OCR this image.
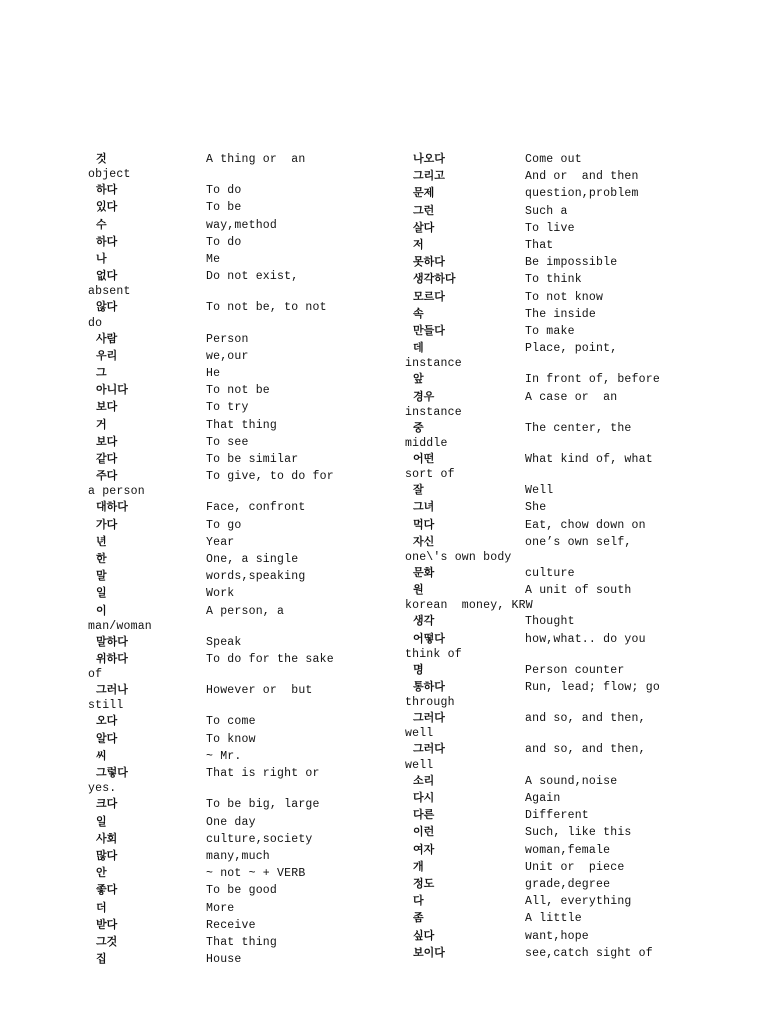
것	A thing or  an
object
하다	To do
있다	To be
수	way,method
하다	To do
나	Me
없다	Do not exist,
absent
않다	To not be, to not
do
사람	Person
우리	we,our
그	He
아니다	To not be
보다	To try
거	That thing
보다	To see
같다	To be similar
주다	To give, to do for
a person
대하다	Face, confront
가다	To go
년	Year
한	One, a single
말	words,speaking
일	Work
이	A person, a
man/woman
말하다	Speak
위하다	To do for the sake
of
그러나	However or  but
still
오다	To come
알다	To know
씨	~ Mr.
그렇다	That is right or
yes.
크다	To be big, large
일	One day
사회	culture,society
많다	many,much
안	~ not ~ + VERB
좋다	To be good
더	More
받다	Receive
그것	That thing
집	House
나오다	Come out
그리고	And or  and then
문제	question,problem
그런	Such a
살다	To live
저	That
못하다	Be impossible
생각하다	To think
모르다	To not know
속	The inside
만들다	To make
데	Place, point,
instance
앞	In front of, before
경우	A case or  an
instance
중	The center, the
middle
어떤	What kind of, what
sort of
잘	Well
그녀	She
먹다	Eat, chow down on
자신	one’s own self,
one\'s own body
문화	culture
원	A unit of south
korean  money, KRW
생각	Thought
어떻다	how,what.. do you
think of
명	Person counter
통하다	Run, lead; flow; go
through
그러다	and so, and then,
well
그러다	and so, and then,
well
소리	A sound,noise
다시	Again
다른	Different
이런	Such, like this
여자	woman,female
개	Unit or  piece
정도	grade,degree
다	All, everything
좀	A little
싶다	want,hope
보이다	see,catch sight of
